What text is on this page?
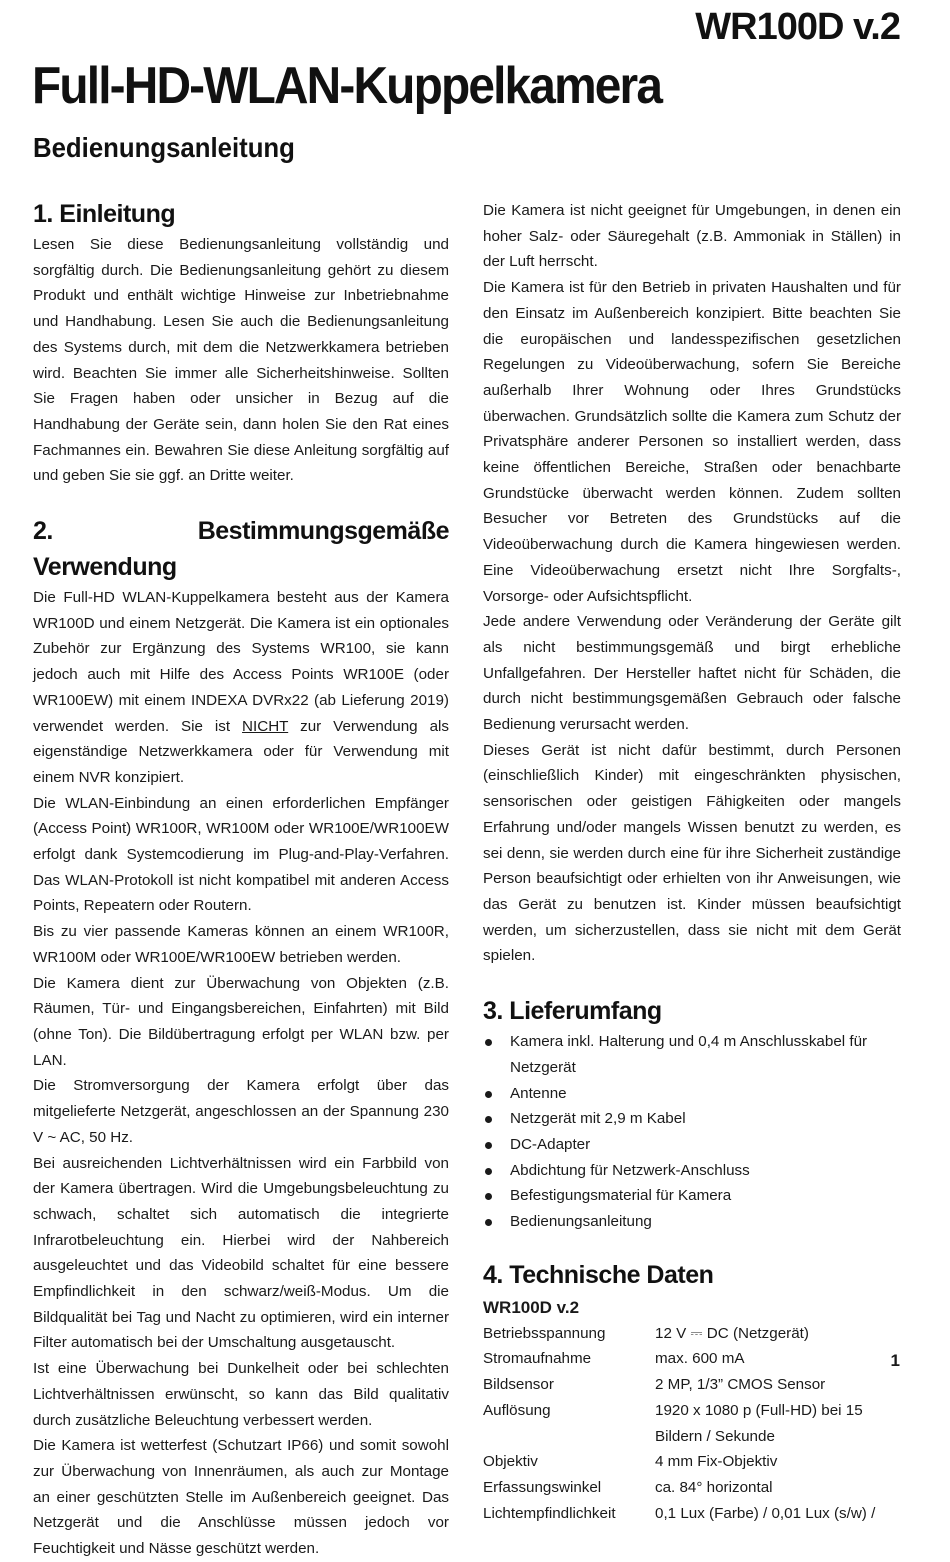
WR100D v.2
Full-HD-WLAN-Kuppelkamera
Bedienungsanleitung
1. Einleitung

Lesen Sie diese Bedienungsanleitung vollständig und sorgfältig durch. Die Bedienungsanleitung gehört zu diesem Produkt und enthält wichtige Hinweise zur Inbetriebnahme und Handhabung. Lesen Sie auch die Bedienungsanleitung des Systems durch, mit dem die Netzwerkkamera betrieben wird. Beachten Sie immer alle Sicherheitshinweise. Sollten Sie Fragen haben oder unsicher in Bezug auf die Handhabung der Geräte sein, dann holen Sie den Rat eines Fachmannes ein. Bewahren Sie diese Anleitung sorgfältig auf und geben Sie sie ggf. an Dritte weiter.

2. Bestimmungsgemäße Verwendung

Die Full-HD WLAN-Kuppelkamera besteht aus der Kamera WR100D und einem Netzgerät. Die Kamera ist ein optionales Zubehör zur Ergänzung des Systems WR100, sie kann jedoch auch mit Hilfe des Access Points WR100E (oder WR100EW) mit einem INDEXA DVRx22 (ab Lieferung 2019) verwendet werden. Sie ist NICHT zur Verwendung als eigenständige Netzwerkkamera oder für Verwendung mit einem NVR konzipiert.

Die WLAN-Einbindung an einen erforderlichen Empfänger (Access Point) WR100R, WR100M oder WR100E/WR100EW erfolgt dank Systemcodierung im Plug-and-Play-Verfahren. Das WLAN-Protokoll ist nicht kompatibel mit anderen Access Points, Repeatern oder Routern.

Bis zu vier passende Kameras können an einem WR100R, WR100M oder WR100E/WR100EW betrieben werden.

Die Kamera dient zur Überwachung von Objekten (z.B. Räumen, Tür- und Eingangsbereichen, Einfahrten) mit Bild (ohne Ton). Die Bildübertragung erfolgt per WLAN bzw. per LAN.

Die Stromversorgung der Kamera erfolgt über das mitgelieferte Netzgerät, angeschlossen an der Spannung 230 V ~ AC, 50 Hz.

Bei ausreichenden Lichtverhältnissen wird ein Farbbild von der Kamera übertragen. Wird die Umgebungsbeleuchtung zu schwach, schaltet sich automatisch die integrierte Infrarotbeleuchtung ein. Hierbei wird der Nahbereich ausgeleuchtet und das Videobild schaltet für eine bessere Empfindlichkeit in den schwarz/weiß-Modus. Um die Bildqualität bei Tag und Nacht zu optimieren, wird ein interner Filter automatisch bei der Umschaltung ausgetauscht.

Ist eine Überwachung bei Dunkelheit oder bei schlechten Lichtverhältnissen erwünscht, so kann das Bild qualitativ durch zusätzliche Beleuchtung verbessert werden.

Die Kamera ist wetterfest (Schutzart IP66) und somit sowohl zur Überwachung von Innenräumen, als auch zur Montage an einer geschützten Stelle im Außenbereich geeignet. Das Netzgerät und die Anschlüsse müssen jedoch vor Feuchtigkeit und Nässe geschützt werden.

Die Kamera ist nicht geeignet für Umgebungen, in denen ein hoher Salz- oder Säuregehalt (z.B. Ammoniak in Ställen) in der Luft herrscht.

Die Kamera ist für den Betrieb in privaten Haushalten und für den Einsatz im Außenbereich konzipiert. Bitte beachten Sie die europäischen und landesspezifischen gesetzlichen Regelungen zu Videoüberwachung, sofern Sie Bereiche außerhalb Ihrer Wohnung oder Ihres Grundstücks überwachen. Grundsätzlich sollte die Kamera zum Schutz der Privatsphäre anderer Personen so installiert werden, dass keine öffentlichen Bereiche, Straßen oder benachbarte Grundstücke überwacht werden können. Zudem sollten Besucher vor Betreten des Grundstücks auf die Videoüberwachung durch die Kamera hingewiesen werden. Eine Videoüberwachung ersetzt nicht Ihre Sorgfalts-, Vorsorge- oder Aufsichtspflicht.

Jede andere Verwendung oder Veränderung der Geräte gilt als nicht bestimmungsgemäß und birgt erhebliche Unfallgefahren. Der Hersteller haftet nicht für Schäden, die durch nicht bestimmungsgemäßen Gebrauch oder falsche Bedienung verursacht werden.

Dieses Gerät ist nicht dafür bestimmt, durch Personen (einschließlich Kinder) mit eingeschränkten physischen, sensorischen oder geistigen Fähigkeiten oder mangels Erfahrung und/oder mangels Wissen benutzt zu werden, es sei denn, sie werden durch eine für ihre Sicherheit zuständige Person beaufsichtigt oder erhielten von ihr Anweisungen, wie das Gerät zu benutzen ist. Kinder müssen beaufsichtigt werden, um sicherzustellen, dass sie nicht mit dem Gerät spielen.

3. Lieferumfang
Kamera inkl. Halterung und 0,4 m Anschlusskabel für Netzgerät
Antenne
Netzgerät mit 2,9 m Kabel
DC-Adapter
Abdichtung für Netzwerk-Anschluss
Befestigungsmaterial für Kamera
Bedienungsanleitung
4. Technische Daten
WR100D v.2
Betriebsspannung	12 V ⎓ DC (Netzgerät)
Stromaufnahme	max. 600 mA
Bildsensor	2 MP, 1/3” CMOS Sensor
Auflösung	1920 x 1080 p (Full-HD) bei 15 Bildern / Sekunde
Objektiv	4 mm Fix-Objektiv
Erfassungswinkel	ca. 84° horizontal
Lichtempfindlichkeit	0,1 Lux (Farbe) / 0,01 Lux (s/w) /
1
